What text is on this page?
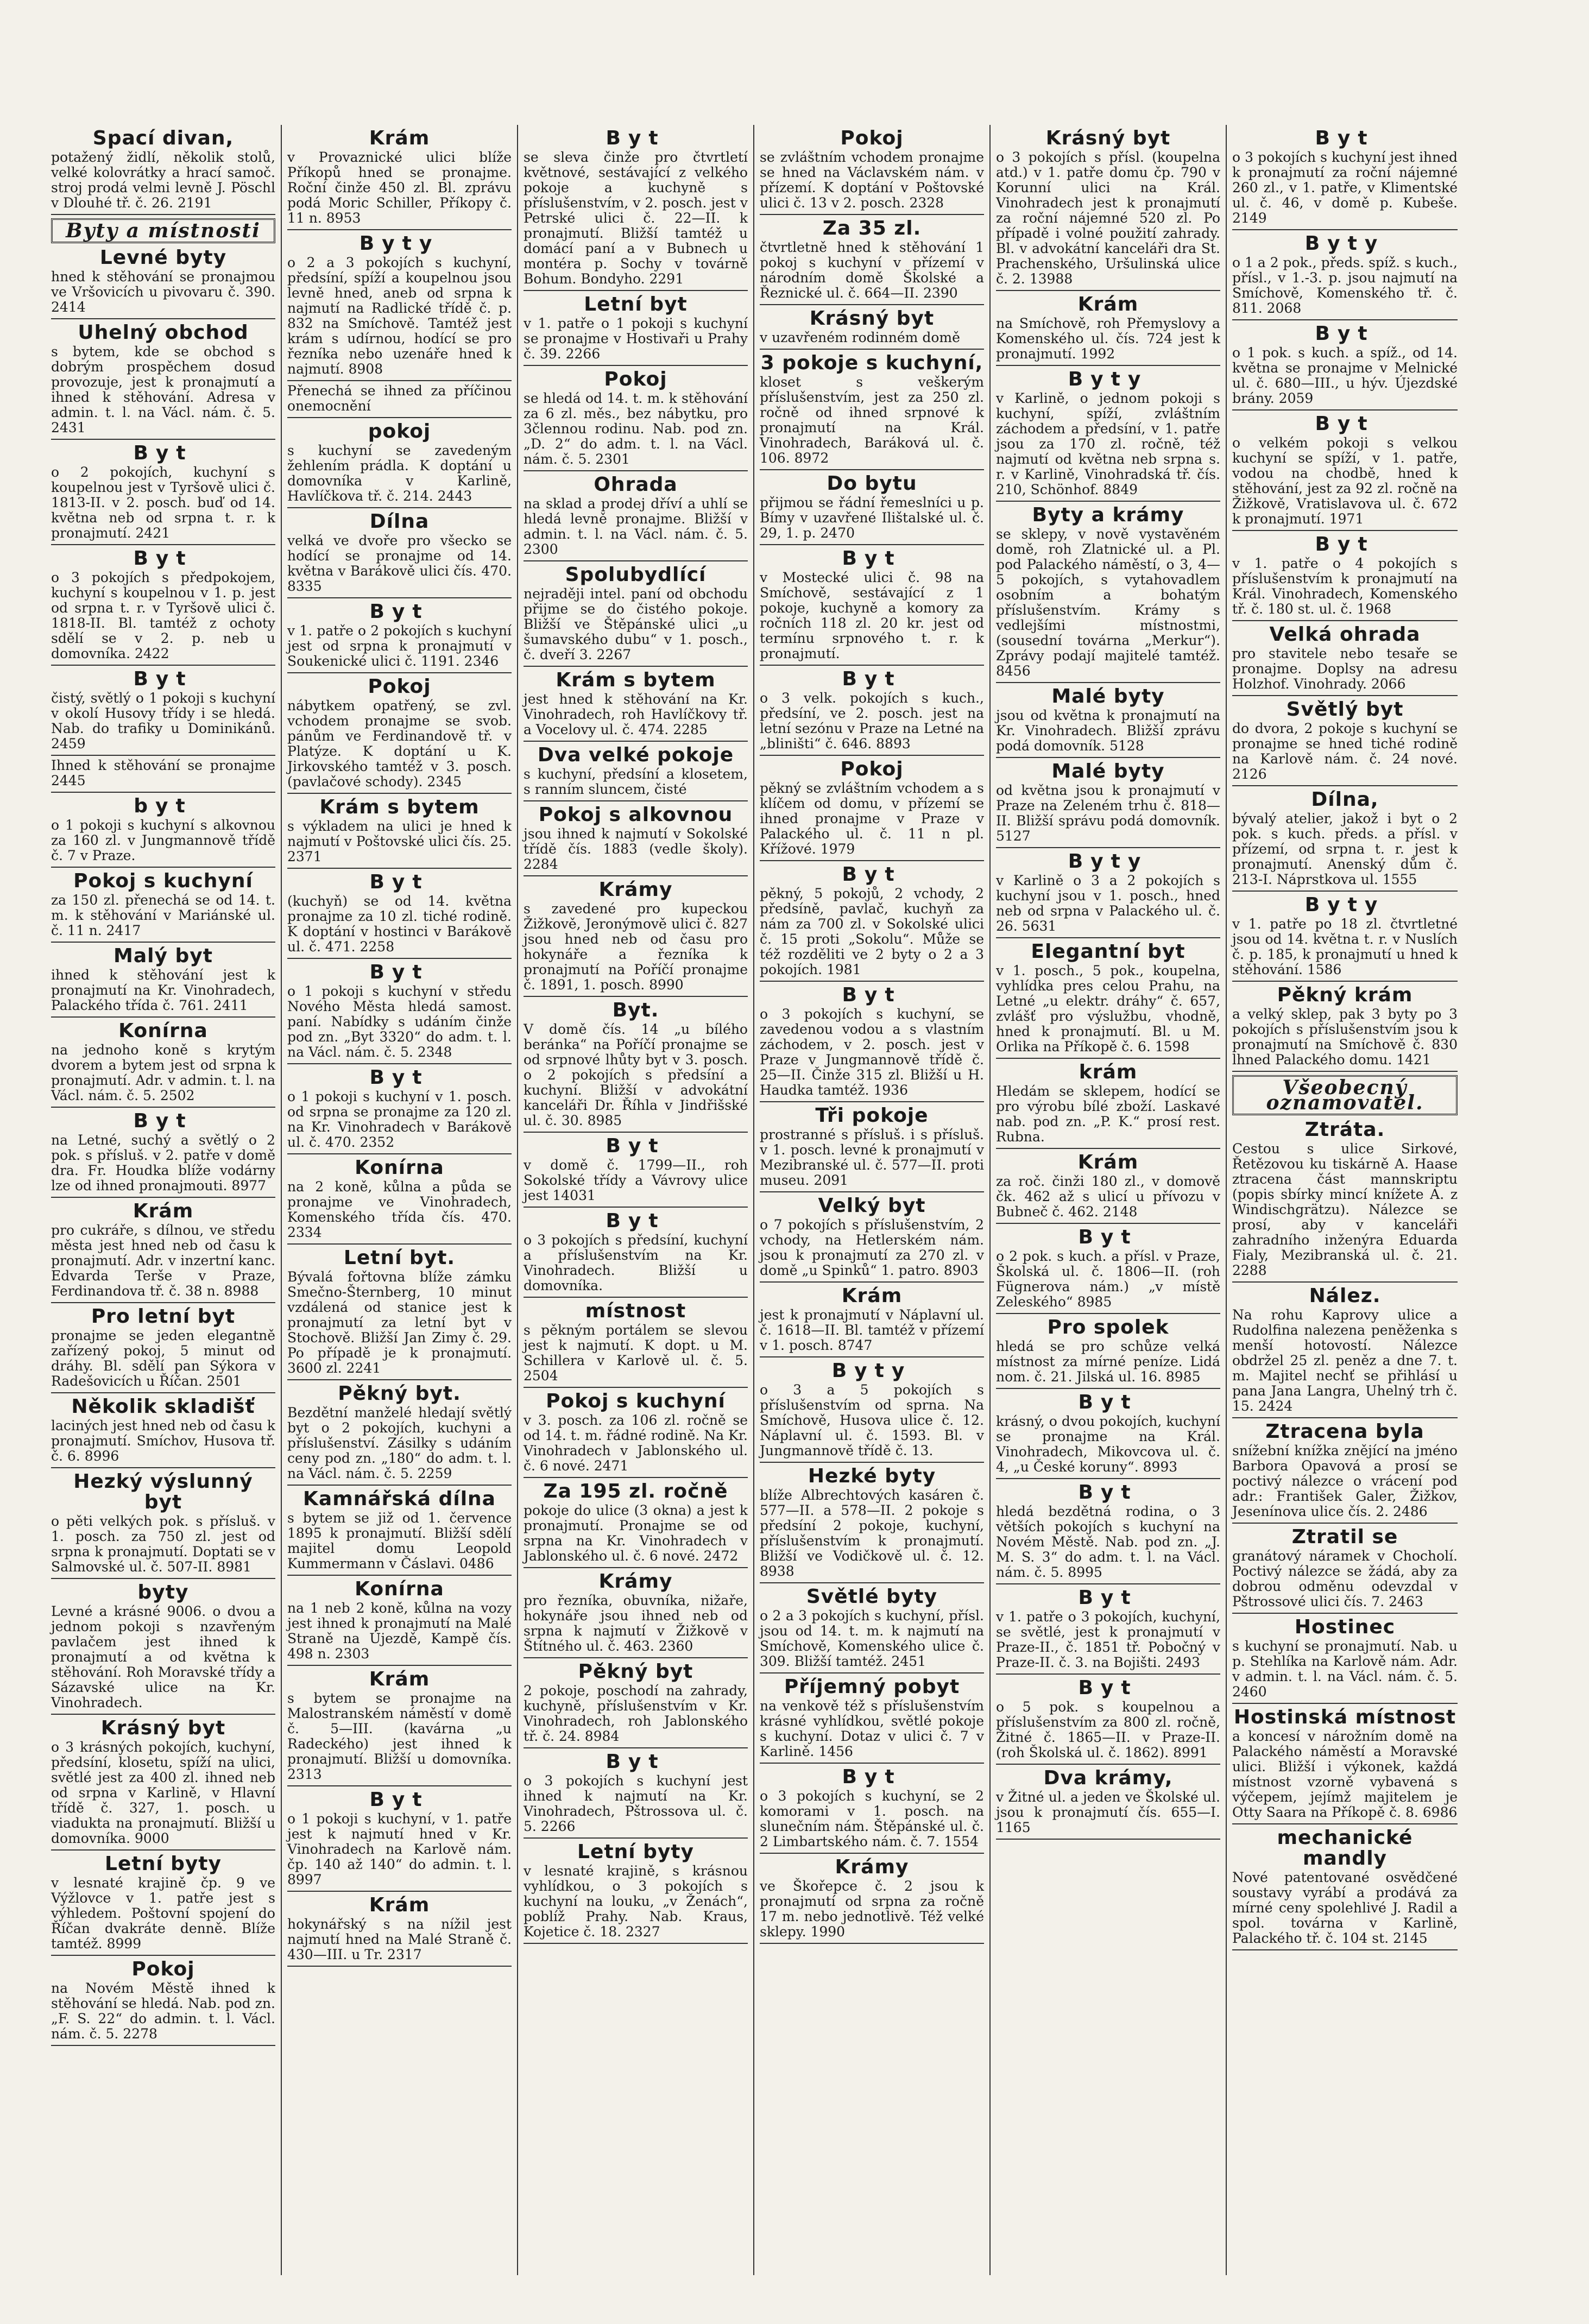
Spací divan,

potažený židlí, několik stolů, velké kolovrátky a hrací samoč. stroj prodá velmi levně J. Pöschl v Dlouhé tř. č. 26. 2191

Byty a místnosti
Levné byty

hned k stěhování se pronajmou ve Vršovicích u pivovaru č. 390. 2414

Uhelný obchod

s bytem, kde se obchod s dobrým prospěchem dosud provozuje, jest k pronajmutí a ihned k stěhování. Adresa v admin. t. l. na Václ. nám. č. 5. 2431

Byt

o 2 pokojích, kuchyní s koupelnou jest v Tyršově ulici č. 1813-II. v 2. posch. buď od 14. května neb od srpna t. r. k pronajmutí. 2421

Byt

o 3 pokojích s předpokojem, kuchyní s koupelnou v 1. p. jest od srpna t. r. v Tyršově ulici č. 1818-II. Bl. tamtéž z ochoty sdělí se v 2. p. neb u domovníka. 2422

Byt

čistý, světlý o 1 pokoji s kuchyní v okolí Husovy třídy i se hledá. Nab. do trafiky u Dominikánů. 2459

Ihned k stěhování se pronajme 2445

byt

o 1 pokoji s kuchyní s alkovnou za 160 zl. v Jungmannově třídě č. 7 v Praze.

Pokoj s kuchyní

za 150 zl. přenechá se od 14. t. m. k stěhování v Mariánské ul. č. 11 n. 2417

Malý byt

ihned k stěhování jest k pronajmutí na Kr. Vinohradech, Palackého třída č. 761. 2411

Konírna

na jednoho koně s krytým dvorem a bytem jest od srpna k pronajmutí. Adr. v admin. t. l. na Václ. nám. č. 5. 2502

Byt

na Letné, suchý a světlý o 2 pok. s přísluš. v 2. patře v domě dra. Fr. Houdka blíže vodárny lze od ihned pronajmouti. 8977

Krám

pro cukráře, s dílnou, ve středu města jest hned neb od času k pronajmutí. Adr. v inzertní kanc. Edvarda Terše v Praze, Ferdinandova tř. č. 38 n. 8988

Pro letní byt

pronajme se jeden elegantně zařízený pokoj, 5 minut od dráhy. Bl. sdělí pan Sýkora v Radešovicích u Říčan. 2501

Několik skladišť

laciných jest hned neb od času k pronajmutí. Smíchov, Husova tř. č. 6. 8996

Hezký výslunný byt

o pěti velkých pok. s přísluš. v 1. posch. za 750 zl. jest od srpna k pronajmutí. Doptati se v Salmovské ul. č. 507-II. 8981

byty

Levné a krásné 9006. o dvou a jednom pokoji s nzavřeným pavlačem jest ihned k pronajmutí a od května k stěhování. Roh Moravské třídy a Sázavské ulice na Kr. Vinohradech.

Krásný byt

o 3 krásných pokojích, kuchyní, předsíní, klosetu, spíží na ulici, světlé jest za 400 zl. ihned neb od srpna v Karlině, v Hlavní třídě č. 327, 1. posch. u viadukta na pronajmutí. Bližší u domovníka. 9000

Letní byty

v lesnaté krajině čp. 9 ve Výžlovce v 1. patře jest s výhledem. Poštovní spojení do Říčan dvakráte denně. Blíže tamtéž. 8999

Pokoj

na Novém Městě ihned k stěhování se hledá. Nab. pod zn. „F. S. 22“ do admin. t. l. Václ. nám. č. 5. 2278

Krám

v Provaznické ulici blíže Příkopů hned se pronajme. Roční činže 450 zl. Bl. zprávu podá Moric Schiller, Příkopy č. 11 n. 8953

Byty

o 2 a 3 pokojích s kuchyní, předsíní, spíží a koupelnou jsou levně hned, aneb od srpna k najmutí na Radlické třídě č. p. 832 na Smíchově. Tamtéž jest krám s udírnou, hodící se pro řezníka nebo uzenáře hned k najmutí. 8908

Přenechá se ihned za příčinou onemocnění

pokoj

s kuchyní se zavedeným žehlením prádla. K doptání u domovníka v Karlině, Havlíčkova tř. č. 214. 2443

Dílna

velká ve dvoře pro všecko se hodící se pronajme od 14. května v Barákově ulici čís. 470. 8335

Byt

v 1. patře o 2 pokojích s kuchyní jest od srpna k pronajmutí v Soukenické ulici č. 1191. 2346

Pokoj

nábytkem opatřený, se zvl. vchodem pronajme se svob. pánům ve Ferdinandově tř. v Platýze. K doptání u K. Jirkovského tamtéž v 3. posch. (pavlačové schody). 2345

Krám s bytem

s výkladem na ulici je hned k najmutí v Poštovské ulici čís. 25. 2371

Byt

(kuchyň) se od 14. května pronajme za 10 zl. tiché rodině. K doptání v hostinci v Barákově ul. č. 471. 2258

Byt

o 1 pokoji s kuchyní v středu Nového Města hledá samost. paní. Nabídky s udáním činže pod zn. „Byt 3320“ do adm. t. l. na Václ. nám. č. 5. 2348

Byt

o 1 pokoji s kuchyní v 1. posch. od srpna se pronajme za 120 zl. na Kr. Vinohradech v Barákově ul. č. 470. 2352

Konírna

na 2 koně, kůlna a půda se pronajme ve Vinohradech, Komenského třída čís. 470. 2334

Letní byt.

Bývalá fořtovna blíže zámku Smečno-Šternberg, 10 minut vzdálená od stanice jest k pronajmutí za letní byt v Stochově. Bližší Jan Zimy č. 29. Po případě je k pronajmutí. 3600 zl. 2241

Pěkný byt.

Bezdětní manželé hledají světlý byt o 2 pokojích, kuchyni a příslušenství. Zásilky s udáním ceny pod zn. „180“ do adm. t. l. na Václ. nám. č. 5. 2259

Kamnářská dílna

s bytem se již od 1. července 1895 k pronajmutí. Bližší sdělí majitel domu Leopold Kummermann v Čáslavi. 0486

Konírna

na 1 neb 2 koně, kůlna na vozy jest ihned k pronajmutí na Malé Straně na Újezdě, Kampě čís. 498 n. 2303

Krám

s bytem se pronajme na Malostranském náměstí v domě č. 5—III. (kavárna „u Radeckého) jest ihned k pronajmutí. Bližší u domovníka. 2313

Byt

o 1 pokoji s kuchyní, v 1. patře jest k najmutí hned v Kr. Vinohradech na Karlově nám. čp. 140 až 140“ do admin. t. l. 8997

Krám

hokynářský s na nížil jest najmutí hned na Malé Straně č. 430—III. u Tr. 2317

Byt

se sleva činže pro čtvrtletí květnové, sestávající z velkého pokoje a kuchyně s příslušenstvím, v 2. posch. jest v Petrské ulici č. 22—II. k pronajmutí. Bližší tamtéž u domácí paní a v Bubnech u montéra p. Sochy v továrně Bohum. Bondyho. 2291

Letní byt

v 1. patře o 1 pokoji s kuchyní se pronajme v Hostivaři u Prahy č. 39. 2266

Pokoj

se hledá od 14. t. m. k stěhování za 6 zl. měs., bez nábytku, pro 3člennou rodinu. Nab. pod zn. „D. 2“ do adm. t. l. na Václ. nám. č. 5. 2301

Ohrada

na sklad a prodej dříví a uhlí se hledá levně pronajme. Bližší v admin. t. l. na Václ. nám. č. 5. 2300

Spolubydlící

nejraději intel. paní od obchodu přijme se do čistého pokoje. Bližší ve Štěpánské ulici „u šumavského dubu“ v 1. posch., č. dveří 3. 2267

Krám s bytem

jest hned k stěhování na Kr. Vinohradech, roh Havlíčkovy tř. a Vocelovy ul. č. 474. 2285

Dva velké pokoje

s kuchyní, předsíní a klosetem, s ranním sluncem, čisté

Pokoj s alkovnou

jsou ihned k najmutí v Sokolské třídě čís. 1883 (vedle školy). 2284

Krámy

s zavedené pro kupeckou Žižkově, Jeronýmově ulici č. 827 jsou hned neb od času pro hokynáře a řezníka k pronajmutí na Poříčí pronajme č. 1891, 1. posch. 8990

Byt.

V domě čís. 14 „u bílého beránka“ na Poříčí pronajme se od srpnové lhůty byt v 3. posch. o 2 pokojích s předsíní a kuchyní. Bližší v advokátní kanceláři Dr. Říhla v Jindřišské ul. č. 30. 8985

Byt

v domě č. 1799—II., roh Sokolské třídy a Vávrovy ulice jest 14031

Byt

o 3 pokojích s předsíní, kuchyní a příslušenstvím na Kr. Vinohradech. Bližší u domovníka.

místnost

s pěkným portálem se slevou jest k najmutí. K dopt. u M. Schillera v Karlově ul. č. 5. 2504

Pokoj s kuchyní

v 3. posch. za 106 zl. ročně se od 14. t. m. řádné rodině. Na Kr. Vinohradech v Jablonského ul. č. 6 nové. 2471

Za 195 zl. ročně

pokoje do ulice (3 okna) a jest k pronajmutí. Pronajme se od srpna na Kr. Vinohradech v Jablonského ul. č. 6 nové. 2472

Krámy

pro řezníka, obuvníka, nižaře, hokynáře jsou ihned neb od srpna k najmutí v Žižkově v Štítného ul. č. 463. 2360

Pěkný byt

2 pokoje, poschodí na zahrady, kuchyně, příslušenstvím v Kr. Vinohradech, roh Jablonského tř. č. 24. 8984

Byt

o 3 pokojích s kuchyní jest ihned k najmutí na Kr. Vinohradech, Pštrossova ul. č. 5. 2266

Letní byty

v lesnaté krajině, s krásnou vyhlídkou, o 3 pokojích s kuchyní na louku, „v Ženách“, poblíž Prahy. Nab. Kraus, Kojetice č. 18. 2327

Pokoj

se zvláštním vchodem pronajme se hned na Václavském nám. v přízemí. K doptání v Poštovské ulici č. 13 v 2. posch. 2328

Za 35 zl.

čtvrtletně hned k stěhování 1 pokoj s kuchyní v přízemí v národním domě Školské a Řeznické ul. č. 664—II. 2390

Krásný byt

v uzavřeném rodinném domě

3 pokoje s kuchyní,

kloset s veškerým příslušenstvím, jest za 250 zl. ročně od ihned srpnové k pronajmutí na Král. Vinohradech, Baráková ul. č. 106. 8972

Do bytu

přijmou se řádní řemeslníci u p. Bímy v uzavřené Ilištalské ul. č. 29, 1. p. 2470

Byt

v Mostecké ulici č. 98 na Smíchově, sestávající z 1 pokoje, kuchyně a komory za ročních 118 zl. 20 kr. jest od termínu srpnového t. r. k pronajmutí.

Byt

o 3 velk. pokojích s kuch., předsíní, ve 2. posch. jest na letní sezónu v Praze na Letné na „bliništi“ č. 646. 8893

Pokoj

pěkný se zvláštním vchodem a s klíčem od domu, v přízemí se ihned pronajme v Praze v Palackého ul. č. 11 n pl. Křížové. 1979

Byt

pěkný, 5 pokojů, 2 vchody, 2 předsíně, pavlač, kuchyň za nám za 700 zl. v Sokolské ulici č. 15 proti „Sokolu“. Může se též rozděliti ve 2 byty o 2 a 3 pokojích. 1981

Byt

o 3 pokojích s kuchyní, se zavedenou vodou a s vlastním záchodem, v 2. posch. jest v Praze v Jungmannově třídě č. 25—II. Činže 315 zl. Bližší u H. Haudka tamtéž. 1936

Tři pokoje

prostranné s přísluš. i s přísluš. v 1. posch. levné k pronajmutí v Mezibranské ul. č. 577—II. proti museu. 2091

Velký byt

o 7 pokojích s příslušenstvím, 2 vchody, na Hetlerském nám. jsou k pronajmutí za 270 zl. v domě „u Spinků“ 1. patro. 8903

Krám

jest k pronajmutí v Náplavní ul. č. 1618—II. Bl. tamtéž v přízemí v 1. posch. 8747

Byty

o 3 a 5 pokojích s příslušenstvím od sprna. Na Smíchově, Husova ulice č. 12. Náplavní ul. č. 1593. Bl. v Jungmannově třídě č. 13.

Hezké byty

blíže Albrechtových kasáren č. 577—II. a 578—II. 2 pokoje s předsíní 2 pokoje, kuchyní, příslušenstvím k pronajmutí. Bližší ve Vodičkově ul. č. 12. 8938

Světlé byty

o 2 a 3 pokojích s kuchyní, přísl. jsou od 14. t. m. k najmutí na Smíchově, Komenského ulice č. 309. Bližší tamtéž. 2451

Příjemný pobyt

na venkově též s příslušenstvím krásné vyhlídkou, světlé pokoje s kuchyní. Dotaz v ulici č. 7 v Karlině. 1456

Byt

o 3 pokojích s kuchyní, se 2 komorami v 1. posch. na slunečním nám. Štěpánské ul. č. 2 Limbartského nám. č. 7. 1554

Krámy

ve Škořepce č. 2 jsou k pronajmutí od srpna za ročně 17 m. nebo jednotlivě. Též velké sklepy. 1990

Krásný byt

o 3 pokojích s přísl. (koupelna atd.) v 1. patře domu čp. 790 v Korunní ulici na Král. Vinohradech jest k pronajmutí za roční nájemné 520 zl. Po případě i volné použití zahrady. Bl. v advokátní kanceláři dra St. Prachenského, Uršulinská ulice č. 2. 13988

Krám

na Smíchově, roh Přemyslovy a Komenského ul. čís. 724 jest k pronajmutí. 1992

Byty

v Karlině, o jednom pokoji s kuchyní, spíží, zvláštním záchodem a předsíní, v 1. patře jsou za 170 zl. ročně, též najmutí od května neb srpna s. r. v Karlině, Vinohradská tř. čís. 210, Schönhof. 8849

Byty a krámy

se sklepy, v nově vystavěném domě, roh Zlatnické ul. a Pl. pod Palackého náměstí, o 3, 4—5 pokojích, s vytahovadlem osobním a bohatým příslušenstvím. Krámy s vedlejšími místnostmi, (sousední továrna „Merkur“). Zprávy podají majitelé tamtéž. 8456

Malé byty

jsou od května k pronajmutí na Kr. Vinohradech. Bližší zprávu podá domovník. 5128

Malé byty

od května jsou k pronajmutí v Praze na Zeleném trhu č. 818—II. Bližší správu podá domovník. 5127

Byty

v Karlině o 3 a 2 pokojích s kuchyní jsou v 1. posch., hned neb od srpna v Palackého ul. č. 26. 5631

Elegantní byt

v 1. posch., 5 pok., koupelna, vyhlídka pres celou Prahu, na Letné „u elektr. dráhy“ č. 657, zvlášť pro výslužbu, vhodně, hned k pronajmutí. Bl. u M. Orlika na Příkopě č. 6. 1598

krám

Hledám se sklepem, hodící se pro výrobu bílé zboží. Laskavé nab. pod zn. „P. K.“ prosí rest. Rubna.

Krám

za roč. činži 180 zl., v domově čk. 462 až s ulicí u přívozu v Bubneč č. 462. 2148

Byt

o 2 pok. s kuch. a přísl. v Praze, Školská ul. č. 1806—II. (roh Fügnerova nám.) „v místě Zeleského“ 8985

Pro spolek

hledá se pro schůze velká místnost za mírné peníze. Lidá nom. č. 21. Jilská ul. 16. 8985

Byt

krásný, o dvou pokojích, kuchyní se pronajme na Král. Vinohradech, Mikovcova ul. č. 4, „u České koruny“. 8993

Byt

hledá bezdětná rodina, o 3 větších pokojích s kuchyní na Novém Městě. Nab. pod zn. „J. M. S. 3“ do adm. t. l. na Václ. nám. č. 5. 8995

Byt

v 1. patře o 3 pokojích, kuchyní, se světlé, jest k pronajmutí v Praze-II., č. 1851 tř. Pobočný v Praze-II. č. 3. na Bojišti. 2493

Byt

o 5 pok. s koupelnou a příslušenstvím za 800 zl. ročně, Žitné č. 1865—II. v Praze-II. (roh Školská ul. č. 1862). 8991

Dva krámy,

v Žitné ul. a jeden ve Školské ul. jsou k pronajmutí čís. 655—I. 1165

Byt

o 3 pokojích s kuchyní jest ihned k pronajmutí za roční nájemné 260 zl., v 1. patře, v Klimentské ul. č. 46, v domě p. Kubeše. 2149

Byty

o 1 a 2 pok., předs. spíž. s kuch., přísl., v 1.-3. p. jsou najmutí na Smíchově, Komenského tř. č. 811. 2068

Byt

o 1 pok. s kuch. a spíž., od 14. května se pronajme v Melnické ul. č. 680—III., u hýv. Újezdské brány. 2059

Byt

o velkém pokoji s velkou kuchyní se spíží, v 1. patře, vodou na chodbě, hned k stěhování, jest za 92 zl. ročně na Žižkově, Vratislavova ul. č. 672 k pronajmutí. 1971

Byt

v 1. patře o 4 pokojích s příslušenstvím k pronajmutí na Král. Vinohradech, Komenského tř. č. 180 st. ul. č. 1968

Velká ohrada

pro stavitele nebo tesaře se pronajme. Doplsy na adresu Holzhof. Vinohrady. 2066

Světlý byt

do dvora, 2 pokoje s kuchyní se pronajme se hned tiché rodině na Karlově nám. č. 24 nové. 2126

Dílna,

bývalý atelier, jakož i byt o 2 pok. s kuch. předs. a přísl. v přízemí, od srpna t. r. jest k pronajmutí. Anenský dům č. 213-I. Náprstkova ul. 1555

Byty

v 1. patře po 18 zl. čtvrtletné jsou od 14. května t. r. v Nuslích č. p. 185, k pronajmutí u hned k stěhování. 1586

Pěkný krám

a velký sklep, pak 3 byty po 3 pokojích s příslušenstvím jsou k pronajmutí na Smíchově č. 830 lhned Palackého domu. 1421

Všeobecný oznamovatel.
Ztráta.

Cestou s ulice Sirkové, Řetězovou ku tiskárně A. Haase ztracena část mannskriptu (popis sbírky mincí knížete A. z Windischgrätzu). Nálezce se prosí, aby v kanceláři zahradního inženýra Eduarda Fialy, Mezibranská ul. č. 21. 2288

Nález.

Na rohu Kaprovy ulice a Rudolfina nalezena peněženka s menší hotovostí. Nálezce obdržel 25 zl. peněz a dne 7. t. m. Majitel nechť se přihlásí u pana Jana Langra, Uhelný trh č. 15. 2424

Ztracena byla

snížební knížka znějící na jméno Barbora Opavová a prosí se poctivý nálezce o vrácení pod adr.: František Galer, Žižkov, Jesenínova ulice čís. 2. 2486

Ztratil se

granátový náramek v Chocholí. Poctivý nálezce se žádá, aby za dobrou odměnu odevzdal v Pštrossové ulici čís. 7. 2463

Hostinec

s kuchyní se pronajmutí. Nab. u p. Stehlíka na Karlově nám. Adr. v admin. t. l. na Václ. nám. č. 5. 2460

Hostinská místnost

a koncesí v nárožním domě na Palackého náměstí a Moravské ulici. Bližší i výkonek, každá místnost vzorně vybavená s výčepem, jejímž majitelem je Otty Saara na Příkopě č. 8. 6986

mechanické mandly

Nové patentované osvědčené soustavy vyrábí a prodává za mírné ceny spolehlivé J. Radil a spol. továrna v Karlině, Palackého tř. č. 104 st. 2145
